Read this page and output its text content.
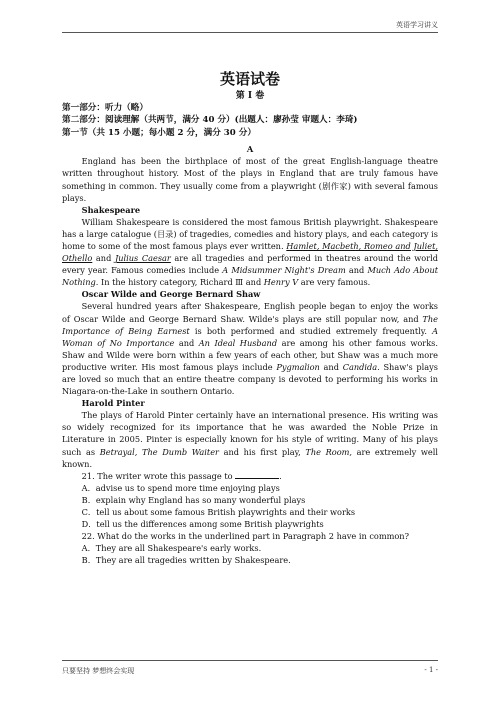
英语学习讲义
英语试卷
第 I 卷
第一部分：听力（略）
第二部分：阅读理解（共两节，满分 40 分）(出题人：廖孙莹 审题人：李琦)
第一节（共 15 小题；每小题 2 分，满分 30 分）
A

England has been the birthplace of most of the great English-language theatre written throughout history. Most of the plays in England that are truly famous have something in common. They usually come from a playwright (剧作家) with several famous plays.

Shakespeare

William Shakespeare is considered the most famous British playwright. Shakespeare has a large catalogue (目录) of tragedies, comedies and history plays, and each category is home to some of the most famous plays ever written. Hamlet, Macbeth, Romeo and Juliet, Othello and Julius Caesar are all tragedies and performed in theatres around the world every year. Famous comedies include A Midsummer Night's Dream and Much Ado About Nothing. In the history category, Richard Ⅲ and Henry Ⅴ are very famous.

Oscar Wilde and George Bernard Shaw

Several hundred years after Shakespeare, English people began to enjoy the works of Oscar Wilde and George Bernard Shaw. Wilde's plays are still popular now, and The Importance of Being Earnest is both performed and studied extremely frequently. A Woman of No Importance and An Ideal Husband are among his other famous works. Shaw and Wilde were born within a few years of each other, but Shaw was a much more productive writer. His most famous plays include Pygmalion and Candida. Shaw's plays are loved so much that an entire theatre company is devoted to performing his works in Niagara-on-the-Lake in southern Ontario.

Harold Pinter

The plays of Harold Pinter certainly have an international presence. His writing was so widely recognized for its importance that he was awarded the Noble Prize in Literature in 2005. Pinter is especially known for his style of writing. Many of his plays such as Betrayal, The Dumb Waiter and his first play, The Room, are extremely well known.

21. The writer wrote this passage to	.
A．advise us to spend more time enjoying plays
B．explain why England has so many wonderful plays
C．tell us about some famous British playwrights and their works
D．tell us the differences among some British playwrights
22. What do the works in the underlined part in Paragraph 2 have in common?
A．They are all Shakespeare's early works.
B．They are all tragedies written by Shakespeare.
只要坚持 梦想终会实现	- 1 -
